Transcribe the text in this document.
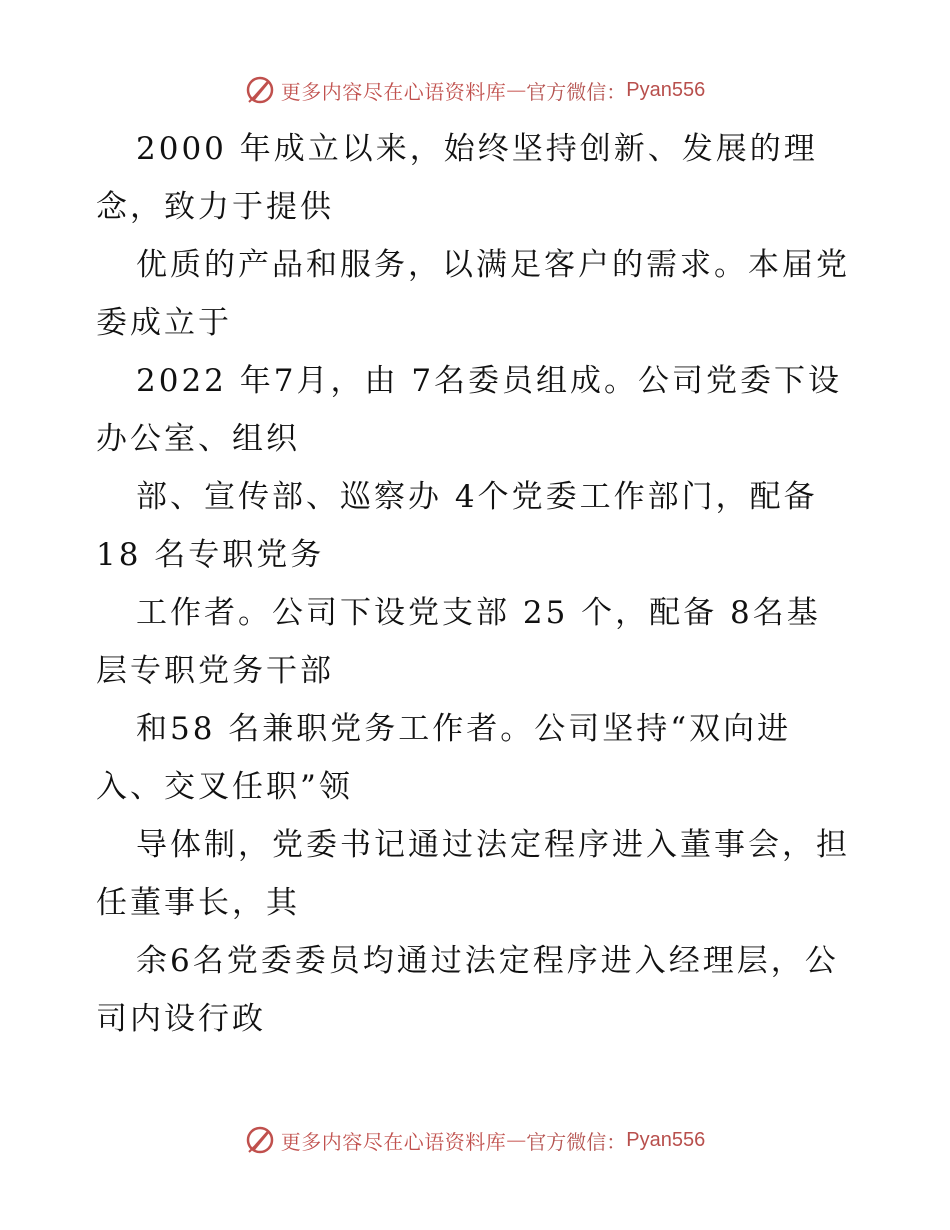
更多内容尽在心语资料库 — 官方微信： Pyan556
2000 年成立以来，始终坚持创新、发展的理
念，致力于提供
优质的产品和服务，以满足客户的需求。本届党
委成立于
2022 年7月，由 7名委员组成。公司党委下设
办公室、组织
部、宣传部、巡察办 4个党委工作部门，配备
18 名专职党务
工作者。公司下设党支部 25 个，配备 8名基
层专职党务干部
和58 名兼职党务工作者。公司坚持“双向进
入、交叉任职”领
导体制，党委书记通过法定程序进入董事会，担
任董事长，其
余6名党委委员均通过法定程序进入经理层，公
司内设行政
更多内容尽在心语资料库 — 官方微信： Pyan556
